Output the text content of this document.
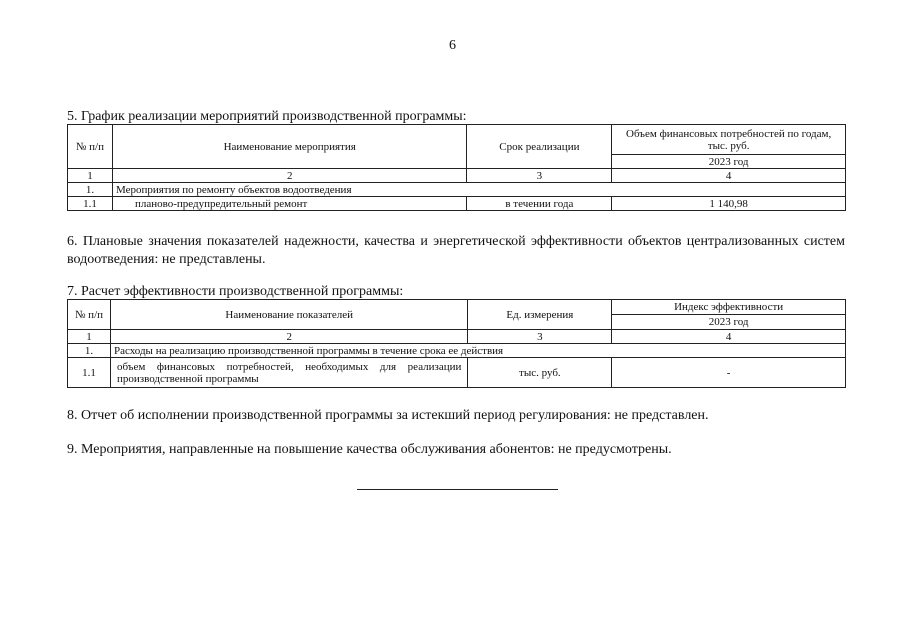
6
5. График реализации мероприятий производственной программы:
№ п/п	Наименование мероприятия	Срок реализации	Объем финансовых потребностей по годам, тыс. руб.
			2023 год
1	2	3	4
1.	Мероприятия по ремонту объектов водоотведения		
1.1	планово-предупредительный ремонт	в течении года	1 140,98
6. Плановые значения показателей надежности, качества и энергетической эффективности объектов централизованных систем водоотведения: не представлены.
7. Расчет эффективности производственной программы:
№ п/п	Наименование показателей	Ед. измерения	Индекс эффективности
			2023 год
1	2	3	4
1.	Расходы на реализацию производственной программы в течение срока ее действия		
1.1	объем финансовых потребностей, необходимых для реализации производственной программы	тыс. руб.	-
8. Отчет об исполнении производственной программы за истекший период регулирования: не представлен.
9. Мероприятия, направленные на повышение качества обслуживания абонентов: не предусмотрены.
